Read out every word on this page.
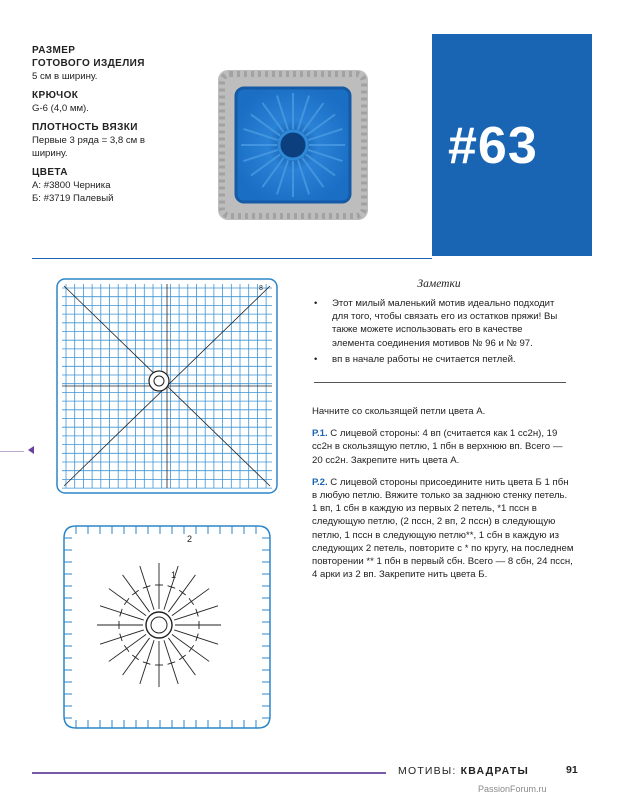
РАЗМЕР
ГОТОВОГО ИЗДЕЛИЯ
5 см в ширину.
КРЮЧОК
G-6 (4,0 мм).
ПЛОТНОСТЬ ВЯЗКИ
Первые 3 ряда = 3,8 см в
ширину.
ЦВЕТА
А: #3800 Черника
Б: #3719 Палевый
#63
8
2
1
Заметки
• Этот милый маленький мотив идеально подходит для того, чтобы связать его из остатков пряжи! Вы также можете использовать его в качестве элемента соединения мотивов № 96 и № 97.
• вп в начале работы не считается петлей.

Начните со скользящей петли цвета А.

Р.1. С лицевой стороны: 4 вп (считается как 1 сс2н), 19 сс2н в скользящую петлю, 1 пбн в верхнюю вп. Всего — 20 сс2н. Закрепите нить цвета А.

Р.2. С лицевой стороны присоедините нить цвета Б 1 пбн в любую петлю. Вяжите только за заднюю стенку петель. 1 вп, 1 сбн в каждую из первых 2 петель, *1 пссн в следующую петлю, (2 пссн, 2 вп, 2 пссн) в следующую петлю, 1 пссн в следующую петлю**, 1 сбн в каждую из следующих 2 петель, повторите с * по кругу, на последнем повторении ** 1 пбн в первый сбн. Всего — 8 сбн, 24 пссн, 4 арки из 2 вп. Закрепите нить цвета Б.

МОТИВЫ: КВАДРАТЫ	91
PassionForum.ru
